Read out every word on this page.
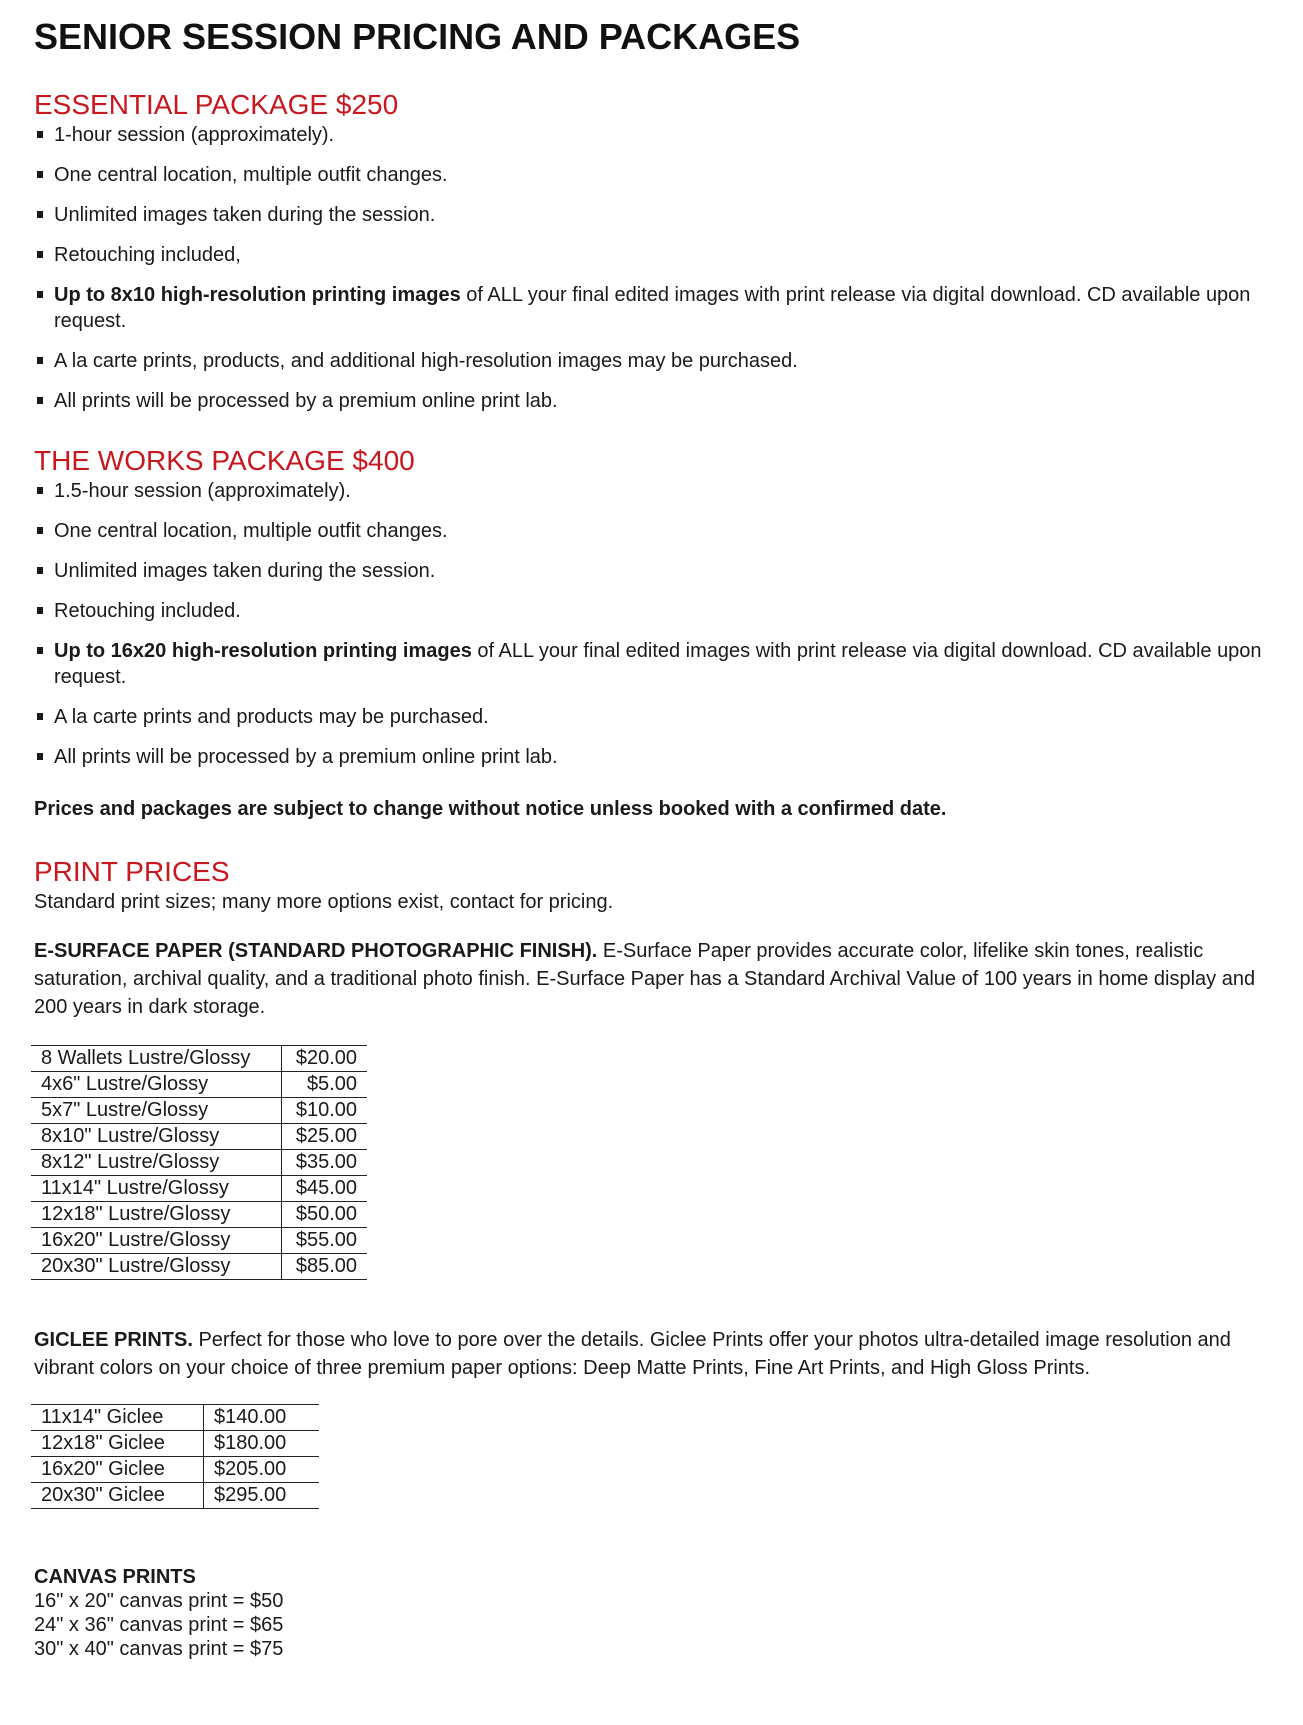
SENIOR SESSION PRICING AND PACKAGES
ESSENTIAL PACKAGE $250
1-hour session (approximately).
One central location, multiple outfit changes.
Unlimited images taken during the session.
Retouching included,
Up to 8x10 high-resolution printing images of ALL your final edited images with print release via digital download. CD available upon request.
A la carte prints, products, and additional high-resolution images may be purchased.
All prints will be processed by a premium online print lab.
THE WORKS PACKAGE $400
1.5-hour session (approximately).
One central location, multiple outfit changes.
Unlimited images taken during the session.
Retouching included.
Up to 16x20 high-resolution printing images of ALL your final edited images with print release via digital download. CD available upon request.
A la carte prints and products may be purchased.
All prints will be processed by a premium online print lab.
Prices and packages are subject to change without notice unless booked with a confirmed date.
PRINT PRICES
Standard print sizes; many more options exist, contact for pricing.
E-SURFACE PAPER (STANDARD PHOTOGRAPHIC FINISH). E-Surface Paper provides accurate color, lifelike skin tones, realistic saturation, archival quality, and a traditional photo finish. E-Surface Paper has a Standard Archival Value of 100 years in home display and 200 years in dark storage.
8 Wallets Lustre/Glossy	$20.00
4x6" Lustre/Glossy	$5.00
5x7" Lustre/Glossy	$10.00
8x10" Lustre/Glossy	$25.00
8x12" Lustre/Glossy	$35.00
11x14" Lustre/Glossy	$45.00
12x18" Lustre/Glossy	$50.00
16x20" Lustre/Glossy	$55.00
20x30" Lustre/Glossy	$85.00
GICLEE PRINTS. Perfect for those who love to pore over the details. Giclee Prints offer your photos ultra-detailed image resolution and vibrant colors on your choice of three premium paper options: Deep Matte Prints, Fine Art Prints, and High Gloss Prints.
11x14" Giclee	$140.00
12x18" Giclee	$180.00
16x20" Giclee	$205.00
20x30" Giclee	$295.00
CANVAS PRINTS
16" x 20" canvas print = $50
24" x 36" canvas print = $65
30" x 40" canvas print = $75
